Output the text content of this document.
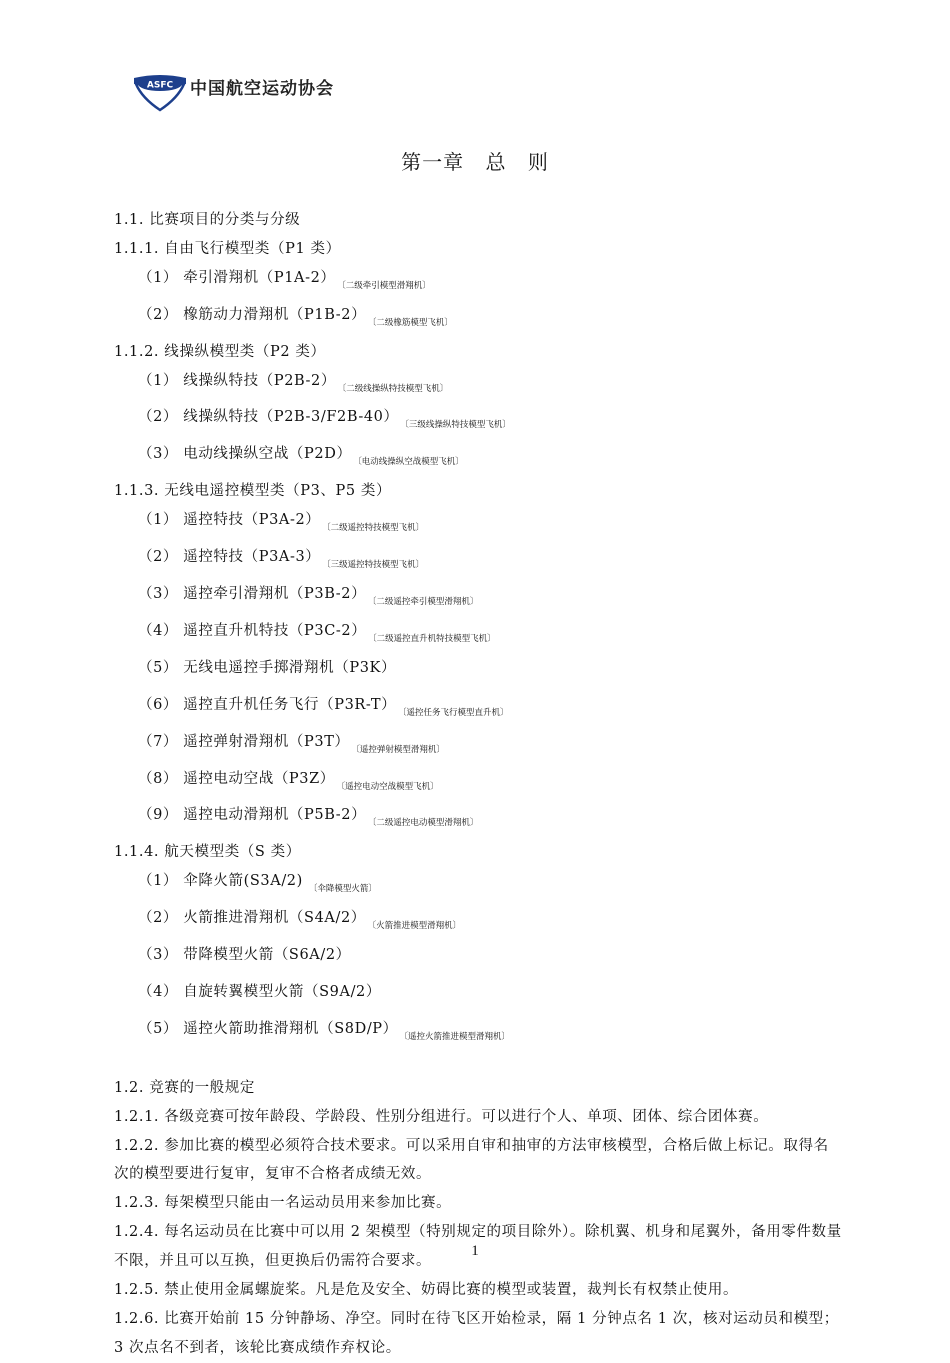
ASFC 中国航空运动协会
第一章 总 则
1.1. 比赛项目的分类与分级
1.1.1. 自由飞行模型类（P1 类）
（1） 牵引滑翔机（P1A-2） $_{〔二级牵引模型滑翔机〕}$
（2） 橡筋动力滑翔机（P1B-2） $_{〔二级橡筋模型飞机〕}$
1.1.2. 线操纵模型类（P2 类）
（1） 线操纵特技（P2B-2） $_{〔二级线操纵特技模型飞机〕}$
（2） 线操纵特技（P2B-3/F2B-40） $_{〔三级线操纵特技模型飞机〕}$
（3） 电动线操纵空战（P2D） $_{〔电动线操纵空战模型飞机〕}$
1.1.3. 无线电遥控模型类（P3、P5 类）
（1） 遥控特技（P3A-2） $_{〔二级遥控特技模型飞机〕}$
（2） 遥控特技（P3A-3） $_{〔三级遥控特技模型飞机〕}$
（3） 遥控牵引滑翔机（P3B-2） $_{〔二级遥控牵引模型滑翔机〕}$
（4） 遥控直升机特技（P3C-2） $_{〔二级遥控直升机特技模型飞机〕}$
（5） 无线电遥控手掷滑翔机（P3K）
（6） 遥控直升机任务飞行（P3R-T） $_{〔遥控任务飞行模型直升机〕}$
（7） 遥控弹射滑翔机（P3T） $_{〔遥控弹射模型滑翔机〕}$
（8） 遥控电动空战（P3Z） $_{〔遥控电动空战模型飞机〕}$
（9） 遥控电动滑翔机（P5B-2） $_{〔二级遥控电动模型滑翔机〕}$
1.1.4. 航天模型类（S 类）
（1） 伞降火箭(S3A/2) $_{〔伞降模型火箭〕}$
（2） 火箭推进滑翔机（S4A/2） $_{〔火箭推进模型滑翔机〕}$
（3） 带降模型火箭（S6A/2）
（4） 自旋转翼模型火箭（S9A/2）
（5） 遥控火箭助推滑翔机（S8D/P） $_{〔遥控火箭推进模型滑翔机〕}$
1.2. 竞赛的一般规定
1.2.1. 各级竞赛可按年龄段、学龄段、性别分组进行。可以进行个人、单项、团体、综合团体赛。
1.2.2. 参加比赛的模型必须符合技术要求。可以采用自审和抽审的方法审核模型，合格后做上标记。取得名次的模型要进行复审，复审不合格者成绩无效。
1.2.3. 每架模型只能由一名运动员用来参加比赛。
1.2.4. 每名运动员在比赛中可以用 2 架模型（特别规定的项目除外）。除机翼、机身和尾翼外，备用零件数量不限，并且可以互换，但更换后仍需符合要求。
1.2.5. 禁止使用金属螺旋桨。凡是危及安全、妨碍比赛的模型或装置，裁判长有权禁止使用。
1.2.6. 比赛开始前 15 分钟静场、净空。同时在待飞区开始检录，隔 1 分钟点名 1 次，核对运动员和模型；3 次点名不到者，该轮比赛成绩作弃权论。
1
